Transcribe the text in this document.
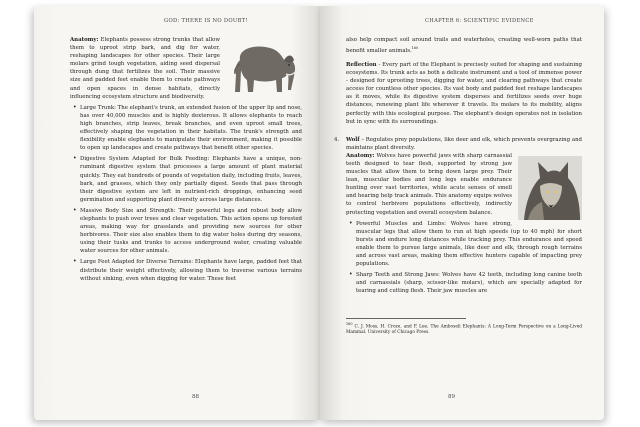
GOD: THERE IS NO DOUBT!

Anatomy: Elephants possess strong trunks that allow them to uproot strip bark, and dig for water, reshaping landscapes for other species. Their large molars grind tough vegetation, aiding seed dispersal through dung that fertilizes the soil. Their massive size and padded feet enable them to create pathways and open spaces in dense habitats, directly influencing ecosystem structure and biodiversity.

• Large Trunk: The elephant's trunk, an extended fusion of the upper lip and nose, has over 40,000 muscles and is highly dexterous. It allows elephants to reach high branches, strip leaves, break branches, and even uproot small trees, effectively shaping the vegetation in their habitats. The trunk's strength and flexibility enable elephants to manipulate their environment, making it possible to open up landscapes and create pathways that benefit other species.
• Digestive System Adapted for Bulk Feeding: Elephants have a unique, non-ruminant digestive system that processes a large amount of plant material quickly. They eat hundreds of pounds of vegetation daily, including fruits, leaves, bark, and grasses, which they only partially digest. Seeds that pass through their digestive system are left in nutrient-rich droppings, enhancing seed germination and supporting plant diversity across large distances.
• Massive Body Size and Strength: Their powerful legs and robust body allow elephants to push over trees and clear vegetation. This action opens up forested areas, making way for grasslands and providing new sources for other herbivores. Their size also enables them to dig water holes during dry seasons, using their tusks and trunks to access underground water, creating valuable water sources for other animals.
• Large Feet Adapted for Diverse Terrains: Elephants have large, padded feet that distribute their weight effectively, allowing them to traverse various terrains without sinking, even when digging for water. These feet
88
CHAPTER 6: SCIENTIFIC EVIDENCE

also help compact soil around trails and waterholes, creating well-worn paths that benefit smaller animals.$^{160}$

Reflection - Every part of the Elephant is precisely suited for shaping and sustaining ecosystems. Its trunk acts as both a delicate instrument and a tool of immense power - designed for uprooting trees, digging for water, and clearing pathways that create access for countless other species. Its vast body and padded feet reshape landscapes as it moves, while its digestive system disperses and fertilizes seeds over huge distances, renewing plant life wherever it travels. Its molars to its mobility, aligns perfectly with this ecological purpose. The elephant's design operates not in isolation but in sync with its surroundings.

4. Wolf – Regulates prey populations, like deer and elk, which prevents overgrazing and maintains plant diversity.

Anatomy: Wolves have powerful jaws with sharp carnassial teeth designed to tear flesh, supported by strong jaw muscles that allow them to bring down large prey. Their lean, muscular bodies and long legs enable endurance hunting over vast territories, while acute senses of smell and hearing help track animals. This anatomy equips wolves to control herbivore populations effectively, indirectly protecting vegetation and overall ecosystem balance.

• Powerful Muscles and Limbs: Wolves have strong, muscular legs that allow them to run at high speeds (up to 40 mph) for short bursts and endure long distances while tracking prey. This endurance and speed enable them to pursue large animals, like deer and elk, through rough terrains and across vast areas, making them effective hunters capable of impacting prey populations.
• Sharp Teeth and Strong Jaws: Wolves have 42 teeth, including long canine teeth and carnassials (sharp, scissor-like molars), which are specially adapted for tearing and cutting flesh. Their jaw muscles are

$^{160}$ C. J. Moss, H. Croze, and P. Lee, The Amboseli Elephants: A Long-Term Perspective on a Long-Lived Mammal. University of Chicago Press.

89
